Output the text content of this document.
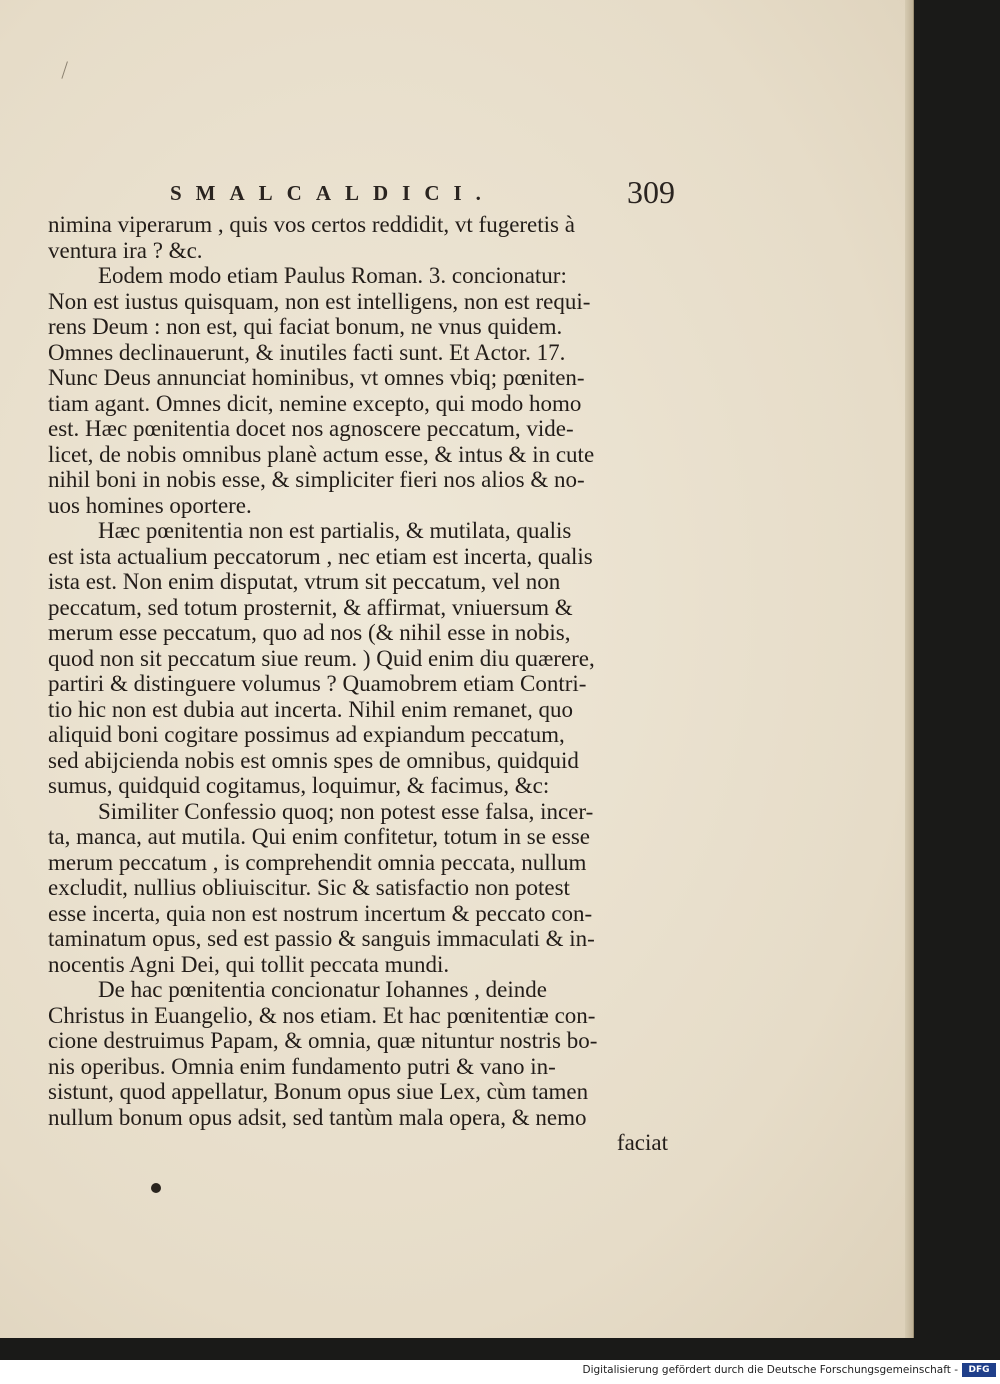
SMALCALDICI.	309
nimina viperarum , quis vos certos reddidit, vt fugeretis à
ventura ira ? &c.
Eodem modo etiam Paulus Roman. 3. concionatur:
Non est iustus quisquam, non est intelligens, non est requi-
rens Deum : non est, qui faciat bonum, ne vnus quidem.
Omnes declinauerunt, & inutiles facti sunt. Et Actor. 17.
Nunc Deus annunciat hominibus, vt omnes vbiq; pœniten-
tiam agant. Omnes dicit, nemine excepto, qui modo homo
est. Hæc pœnitentia docet nos agnoscere peccatum, vide-
licet, de nobis omnibus planè actum esse, & intus & in cute
nihil boni in nobis esse, & simpliciter fieri nos alios & no-
uos homines oportere.
Hæc pœnitentia non est partialis, & mutilata, qualis
est ista actualium peccatorum , nec etiam est incerta, qualis
ista est. Non enim disputat, vtrum sit peccatum, vel non
peccatum, sed totum prosternit, & affirmat, vniuersum &
merum esse peccatum, quo ad nos (& nihil esse in nobis,
quod non sit peccatum siue reum. ) Quid enim diu quærere,
partiri & distinguere volumus ? Quamobrem etiam Contri-
tio hic non est dubia aut incerta. Nihil enim remanet, quo
aliquid boni cogitare possimus ad expiandum peccatum,
sed abijcienda nobis est omnis spes de omnibus, quidquid
sumus, quidquid cogitamus, loquimur, & facimus, &c:
Similiter Confessio quoq; non potest esse falsa, incer-
ta, manca, aut mutila. Qui enim confitetur, totum in se esse
merum peccatum , is comprehendit omnia peccata, nullum
excludit, nullius obliuiscitur. Sic & satisfactio non potest
esse incerta, quia non est nostrum incertum & peccato con-
taminatum opus, sed est passio & sanguis immaculati & in-
nocentis Agni Dei, qui tollit peccata mundi.
De hac pœnitentia concionatur Iohannes , deinde
Christus in Euangelio, & nos etiam. Et hac pœnitentiæ con-
cione destruimus Papam, & omnia, quæ nituntur nostris bo-
nis operibus. Omnia enim fundamento putri & vano in-
sistunt, quod appellatur, Bonum opus siue Lex, cùm tamen
nullum bonum opus adsit, sed tantùm mala opera, & nemo
faciat
Digitalisierung gefördert durch die Deutsche Forschungsgemeinschaft -	DFG
